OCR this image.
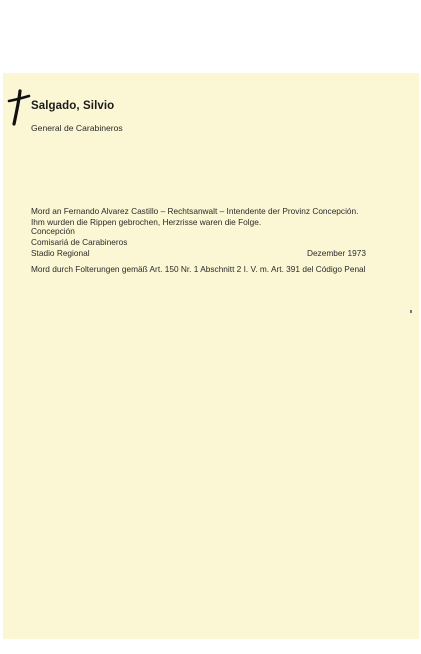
Salgado, Silvio
General de Carabineros
Mord an Fernando Alvarez Castillo – Rechtsanwalt – Intendente der Provinz Concepción. Ihm wurden die Rippen gebrochen, Herzrisse waren die Folge.
Concepción
Comisariá de Carabineros
Stadio Regional	Dezember 1973
Mord durch Folterungen gemäß Art. 150 Nr. 1 Abschnitt 2 I. V. m. Art. 391 del Código Penal
